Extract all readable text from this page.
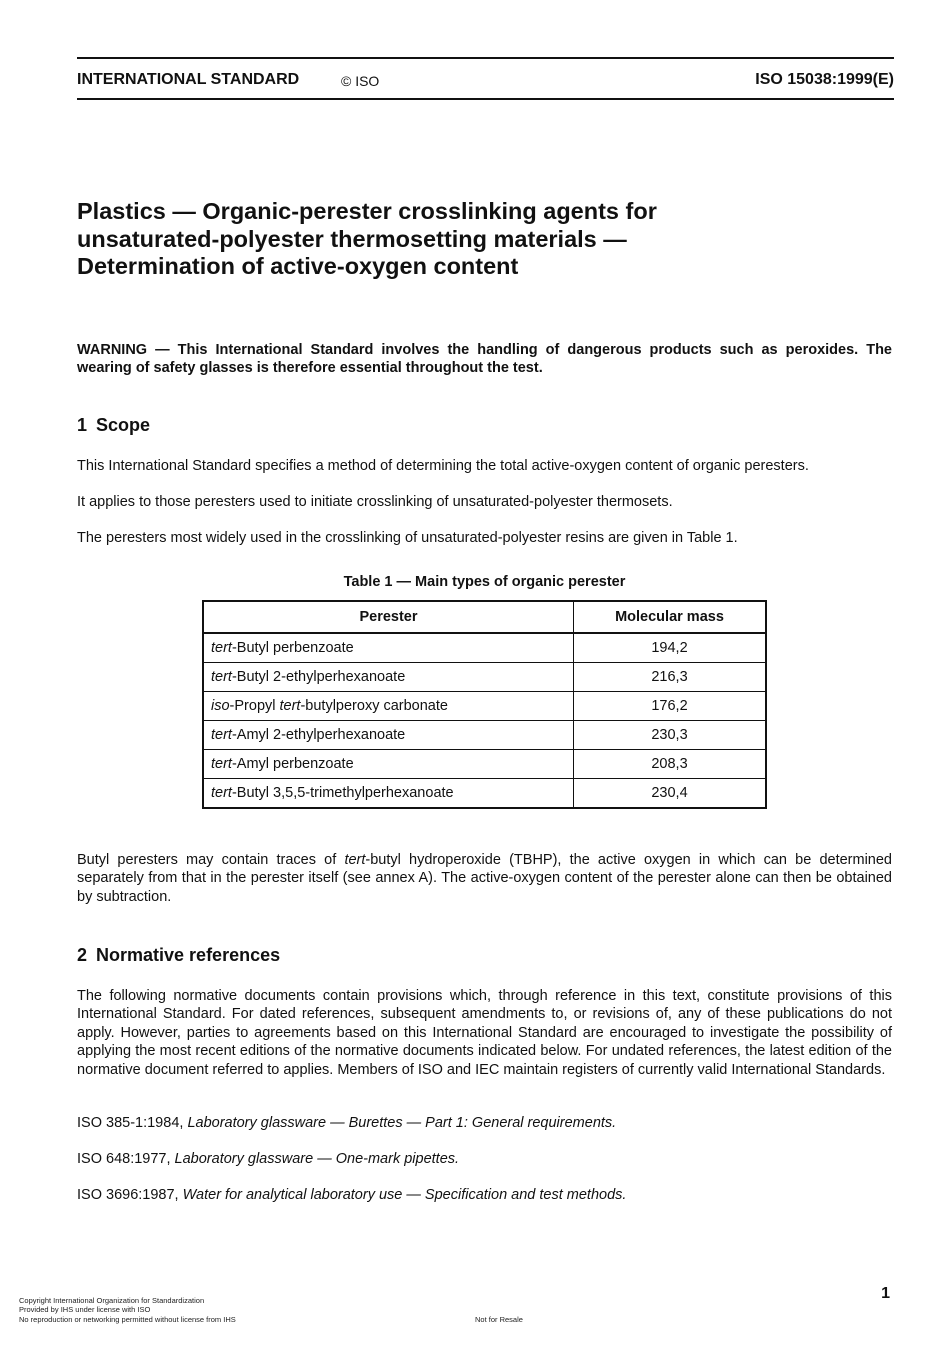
INTERNATIONAL STANDARD	© ISO	ISO 15038:1999(E)
Plastics — Organic-perester crosslinking agents for
unsaturated-polyester thermosetting materials —
Determination of active-oxygen content

WARNING — This International Standard involves the handling of dangerous products such as peroxides. The wearing of safety glasses is therefore essential throughout the test.

1 Scope

This International Standard specifies a method of determining the total active-oxygen content of organic peresters.

It applies to those peresters used to initiate crosslinking of unsaturated-polyester thermosets.

The peresters most widely used in the crosslinking of unsaturated-polyester resins are given in Table 1.

Table 1 — Main types of organic perester
Perester	Molecular mass
tert-Butyl perbenzoate	194,2
tert-Butyl 2-ethylperhexanoate	216,3
iso-Propyl tert-butylperoxy carbonate	176,2
tert-Amyl 2-ethylperhexanoate	230,3
tert-Amyl perbenzoate	208,3
tert-Butyl 3,5,5-trimethylperhexanoate	230,4

Butyl peresters may contain traces of tert-butyl hydroperoxide (TBHP), the active oxygen in which can be determined separately from that in the perester itself (see annex A). The active-oxygen content of the perester alone can then be obtained by subtraction.

2 Normative references

The following normative documents contain provisions which, through reference in this text, constitute provisions of this International Standard. For dated references, subsequent amendments to, or revisions of, any of these publications do not apply. However, parties to agreements based on this International Standard are encouraged to investigate the possibility of applying the most recent editions of the normative documents indicated below. For undated references, the latest edition of the normative document referred to applies. Members of ISO and IEC maintain registers of currently valid International Standards.

ISO 385-1:1984, Laboratory glassware — Burettes — Part 1: General requirements.
ISO 648:1977, Laboratory glassware — One-mark pipettes.
ISO 3696:1987, Water for analytical laboratory use — Specification and test methods.
1
Copyright International Organization for Standardization
Provided by IHS under license with ISO
No reproduction or networking permitted without license from IHS	Not for Resale
